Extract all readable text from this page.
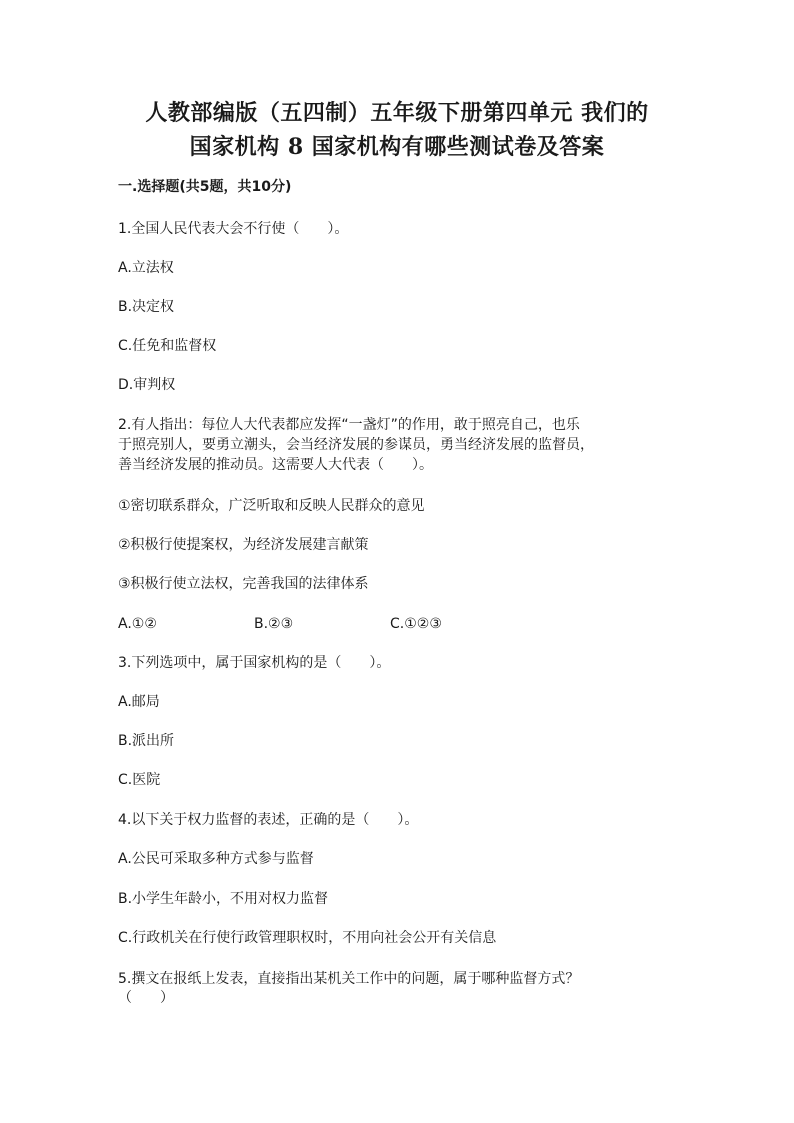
人教部编版（五四制）五年级下册第四单元 我们的
国家机构 8 国家机构有哪些测试卷及答案
一.选择题(共5题，共10分)
1.全国人民代表大会不行使（　　）。
A.立法权
B.决定权
C.任免和监督权
D.审判权
2.有人指出：每位人大代表都应发挥“一盏灯”的作用，敢于照亮自己，也乐
于照亮别人，要勇立潮头，会当经济发展的参谋员，勇当经济发展的监督员，
善当经济发展的推动员。这需要人大代表（　　）。
①密切联系群众，广泛听取和反映人民群众的意见
②积极行使提案权，为经济发展建言献策
③积极行使立法权，完善我国的法律体系
A.①②	B.②③	C.①②③
3.下列选项中，属于国家机构的是（　　）。
A.邮局
B.派出所
C.医院
4.以下关于权力监督的表述，正确的是（　　）。
A.公民可采取多种方式参与监督
B.小学生年龄小，不用对权力监督
C.行政机关在行使行政管理职权时，不用向社会公开有关信息
5.撰文在报纸上发表，直接指出某机关工作中的问题，属于哪种监督方式？
（　　）
